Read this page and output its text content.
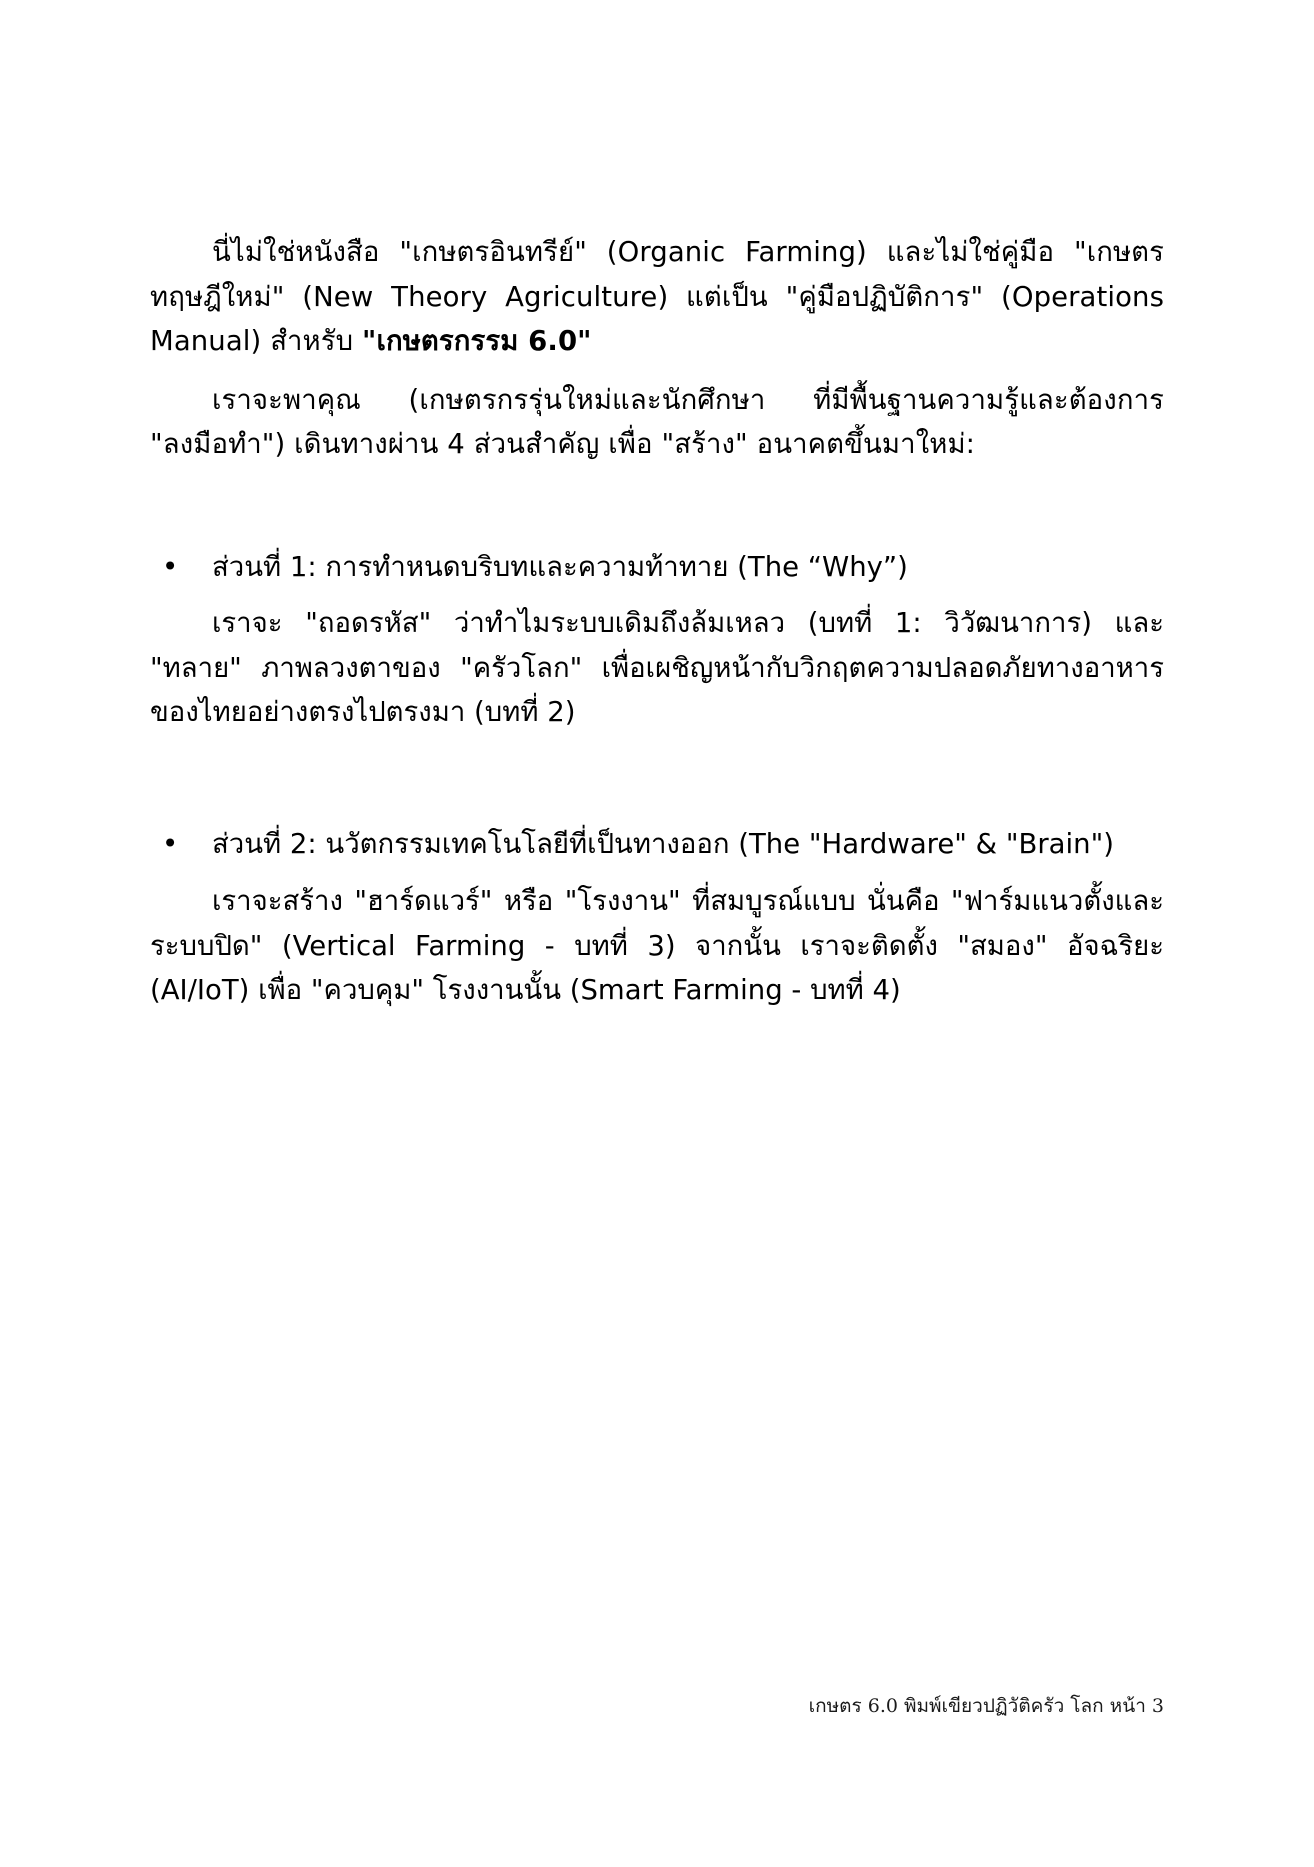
นี่ไม่ใช่หนังสือ "เกษตรอินทรีย์" (Organic Farming) และไม่ใช่คู่มือ "เกษตรทฤษฎีใหม่" (New Theory Agriculture) แต่เป็น "คู่มือปฏิบัติการ" (Operations Manual) สำหรับ "เกษตรกรรม 6.0"

เราจะพาคุณ (เกษตรกรรุ่นใหม่และนักศึกษา ที่มีพื้นฐานความรู้และต้องการ "ลงมือทำ") เดินทางผ่าน 4 ส่วนสำคัญ เพื่อ "สร้าง" อนาคตขึ้นมาใหม่:

• ส่วนที่ 1: การทำหนดบริบทและความท้าทาย (The “Why”)

เราจะ "ถอดรหัส" ว่าทำไมระบบเดิมถึงล้มเหลว (บทที่ 1: วิวัฒนาการ) และ "ทลาย" ภาพลวงตาของ "ครัวโลก" เพื่อเผชิญหน้ากับวิกฤตความปลอดภัยทางอาหารของไทยอย่างตรงไปตรงมา (บทที่ 2)

• ส่วนที่ 2: นวัตกรรมเทคโนโลยีที่เป็นทางออก (The "Hardware" & "Brain")

เราจะสร้าง "ฮาร์ดแวร์" หรือ "โรงงาน" ที่สมบูรณ์แบบ นั่นคือ "ฟาร์มแนวตั้งและระบบปิด" (Vertical Farming - บทที่ 3) จากนั้น เราจะติดตั้ง "สมอง" อัจฉริยะ (AI/IoT) เพื่อ "ควบคุม" โรงงานนั้น (Smart Farming - บทที่ 4)

เกษตร 6.0 พิมพ์เขียวปฏิวัติครัว โลก หน้า 3
